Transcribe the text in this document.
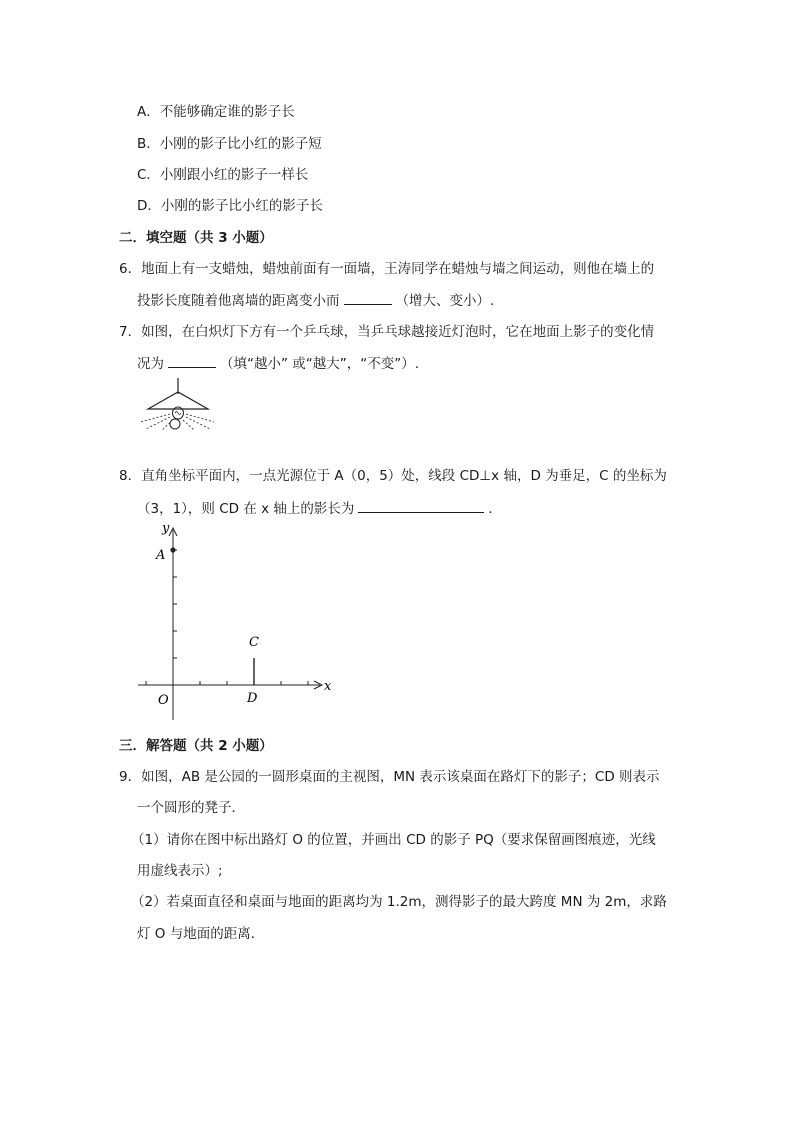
A．不能够确定谁的影子长
B．小刚的影子比小红的影子短
C．小刚跟小红的影子一样长
D．小刚的影子比小红的影子长
二．填空题（共 3 小题）
6．地面上有一支蜡烛，蜡烛前面有一面墙，王涛同学在蜡烛与墙之间运动，则他在墙上的
投影长度随着他离墙的距离变小而	（增大、变小）.
7．如图，在白炽灯下方有一个乒乓球，当乒乓球越接近灯泡时，它在地面上影子的变化情
况为	（填“越小” 或“越大”，“不变”）.
8．直角坐标平面内，一点光源位于 A（0，5）处，线段 CD⊥x 轴，D 为垂足，C 的坐标为
（3，1），则 CD 在 x 轴上的影长为	．
y
x
A
C
D
O
三．解答题（共 2 小题）
9．如图，AB 是公园的一圆形桌面的主视图，MN 表示该桌面在路灯下的影子；CD 则表示
一个圆形的凳子．
（1）请你在图中标出路灯 O 的位置，并画出 CD 的影子 PQ（要求保留画图痕迹，光线
用虚线表示）;
（2）若桌面直径和桌面与地面的距离均为 1.2m，测得影子的最大跨度 MN 为 2m，求路
灯 O 与地面的距离．
